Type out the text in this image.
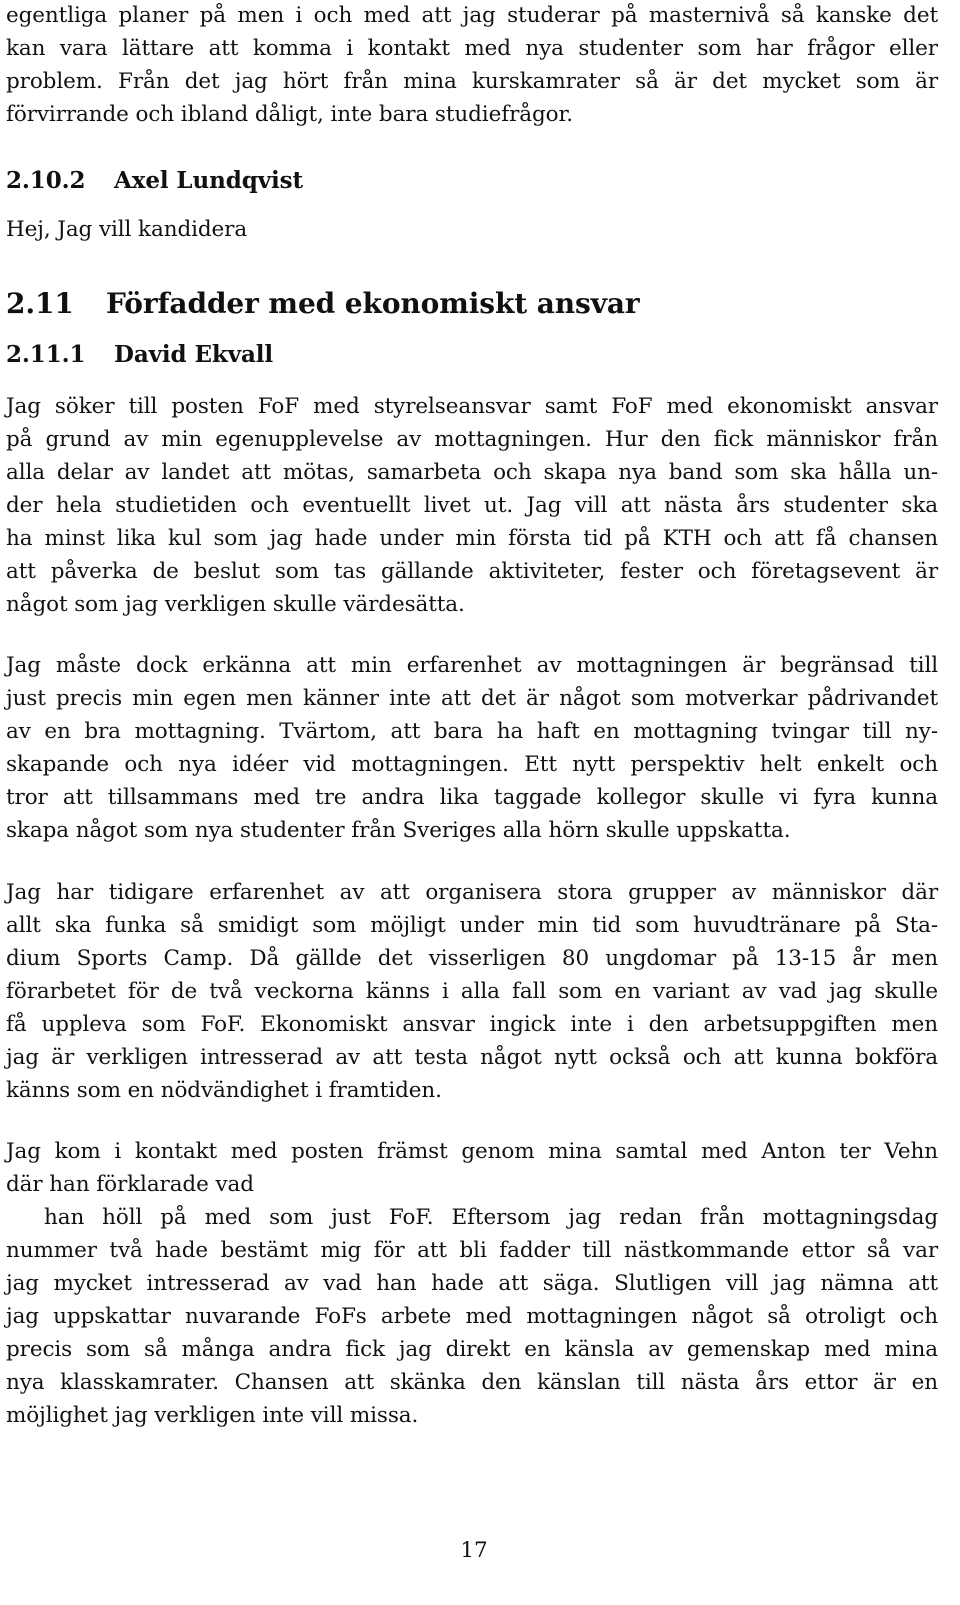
egentliga planer på men i och med att jag studerar på masternivå så kanske det
kan vara lättare att komma i kontakt med nya studenter som har frågor eller
problem. Från det jag hört från mina kurskamrater så är det mycket som är
förvirrande och ibland dåligt, inte bara studiefrågor.
2.10.2 Axel Lundqvist
Hej, Jag vill kandidera
2.11 Förfadder med ekonomiskt ansvar
2.11.1 David Ekvall
Jag söker till posten FoF med styrelseansvar samt FoF med ekonomiskt ansvar
på grund av min egenupplevelse av mottagningen. Hur den fick människor från
alla delar av landet att mötas, samarbeta och skapa nya band som ska hålla un-
der hela studietiden och eventuellt livet ut. Jag vill att nästa års studenter ska
ha minst lika kul som jag hade under min första tid på KTH och att få chansen
att påverka de beslut som tas gällande aktiviteter, fester och företagsevent är
något som jag verkligen skulle värdesätta.
Jag måste dock erkänna att min erfarenhet av mottagningen är begränsad till
just precis min egen men känner inte att det är något som motverkar pådrivandet
av en bra mottagning. Tvärtom, att bara ha haft en mottagning tvingar till ny-
skapande och nya idéer vid mottagningen. Ett nytt perspektiv helt enkelt och
tror att tillsammans med tre andra lika taggade kollegor skulle vi fyra kunna
skapa något som nya studenter från Sveriges alla hörn skulle uppskatta.
Jag har tidigare erfarenhet av att organisera stora grupper av människor där
allt ska funka så smidigt som möjligt under min tid som huvudtränare på Sta-
dium Sports Camp. Då gällde det visserligen 80 ungdomar på 13-15 år men
förarbetet för de två veckorna känns i alla fall som en variant av vad jag skulle
få uppleva som FoF. Ekonomiskt ansvar ingick inte i den arbetsuppgiften men
jag är verkligen intresserad av att testa något nytt också och att kunna bokföra
känns som en nödvändighet i framtiden.
Jag kom i kontakt med posten främst genom mina samtal med Anton ter Vehn
där han förklarade vad
han höll på med som just FoF. Eftersom jag redan från mottagningsdag
nummer två hade bestämt mig för att bli fadder till nästkommande ettor så var
jag mycket intresserad av vad han hade att säga. Slutligen vill jag nämna att
jag uppskattar nuvarande FoFs arbete med mottagningen något så otroligt och
precis som så många andra fick jag direkt en känsla av gemenskap med mina
nya klasskamrater. Chansen att skänka den känslan till nästa års ettor är en
möjlighet jag verkligen inte vill missa.
17
